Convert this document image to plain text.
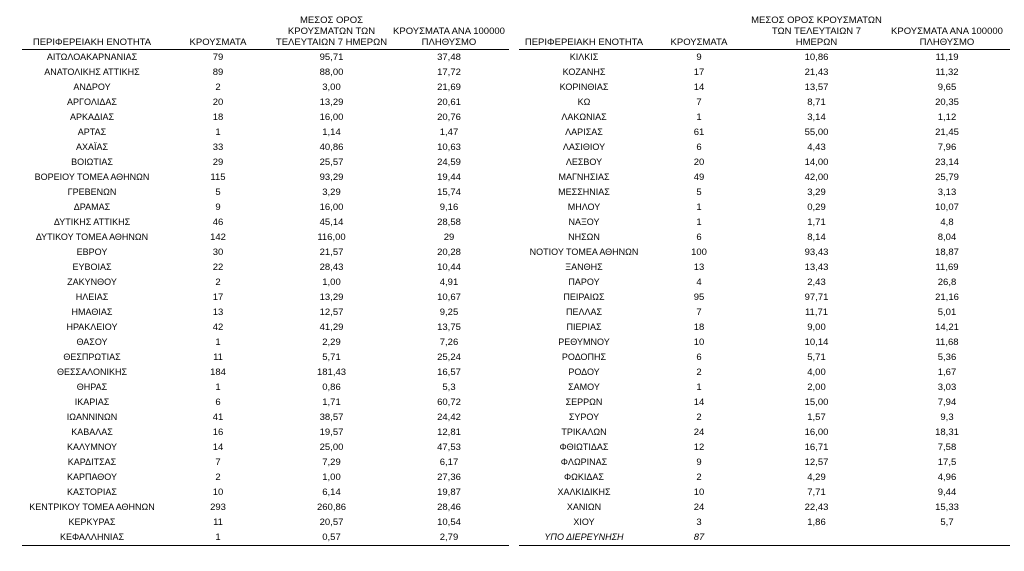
ΠΕΡΙΦΕΡΕΙΑΚΗ ΕΝΟΤΗΤΑ	ΚΡΟΥΣΜΑΤΑ	ΜΕΣΟΣ ΟΡΟΣ ΚΡΟΥΣΜΑΤΩΝ ΤΩΝ ΤΕΛΕΥΤΑΙΩΝ 7 ΗΜΕΡΩΝ	ΚΡΟΥΣΜΑΤΑ ΑΝΑ 100000 ΠΛΗΘΥΣΜΟ
ΑΙΤΩΛΟΑΚΑΡΝΑΝΙΑΣ	79	95,71	37,48
ΑΝΑΤΟΛΙΚΗΣ ΑΤΤΙΚΗΣ	89	88,00	17,72
ΑΝΔΡΟΥ	2	3,00	21,69
ΑΡΓΟΛΙΔΑΣ	20	13,29	20,61
ΑΡΚΑΔΙΑΣ	18	16,00	20,76
ΑΡΤΑΣ	1	1,14	1,47
ΑΧΑΪΑΣ	33	40,86	10,63
ΒΟΙΩΤΙΑΣ	29	25,57	24,59
ΒΟΡΕΙΟΥ ΤΟΜΕΑ ΑΘΗΝΩΝ	115	93,29	19,44
ΓΡΕΒΕΝΩΝ	5	3,29	15,74
ΔΡΑΜΑΣ	9	16,00	9,16
ΔΥΤΙΚΗΣ ΑΤΤΙΚΗΣ	46	45,14	28,58
ΔΥΤΙΚΟΥ ΤΟΜΕΑ ΑΘΗΝΩΝ	142	116,00	29
ΕΒΡΟΥ	30	21,57	20,28
ΕΥΒΟΙΑΣ	22	28,43	10,44
ΖΑΚΥΝΘΟΥ	2	1,00	4,91
ΗΛΕΙΑΣ	17	13,29	10,67
ΗΜΑΘΙΑΣ	13	12,57	9,25
ΗΡΑΚΛΕΙΟΥ	42	41,29	13,75
ΘΑΣΟΥ	1	2,29	7,26
ΘΕΣΠΡΩΤΙΑΣ	11	5,71	25,24
ΘΕΣΣΑΛΟΝΙΚΗΣ	184	181,43	16,57
ΘΗΡΑΣ	1	0,86	5,3
ΙΚΑΡΙΑΣ	6	1,71	60,72
ΙΩΑΝΝΙΝΩΝ	41	38,57	24,42
ΚΑΒΑΛΑΣ	16	19,57	12,81
ΚΑΛΥΜΝΟΥ	14	25,00	47,53
ΚΑΡΔΙΤΣΑΣ	7	7,29	6,17
ΚΑΡΠΑΘΟΥ	2	1,00	27,36
ΚΑΣΤΟΡΙΑΣ	10	6,14	19,87
ΚΕΝΤΡΙΚΟΥ ΤΟΜΕΑ ΑΘΗΝΩΝ	293	260,86	28,46
ΚΕΡΚΥΡΑΣ	11	20,57	10,54
ΚΕΦΑΛΛΗΝΙΑΣ	1	0,57	2,79
ΠΕΡΙΦΕΡΕΙΑΚΗ ΕΝΟΤΗΤΑ	ΚΡΟΥΣΜΑΤΑ	ΜΕΣΟΣ ΟΡΟΣ ΚΡΟΥΣΜΑΤΩΝ ΤΩΝ ΤΕΛΕΥΤΑΙΩΝ 7 ΗΜΕΡΩΝ	ΚΡΟΥΣΜΑΤΑ ΑΝΑ 100000 ΠΛΗΘΥΣΜΟ
ΚΙΛΚΙΣ	9	10,86	11,19
ΚΟΖΑΝΗΣ	17	21,43	11,32
ΚΟΡΙΝΘΙΑΣ	14	13,57	9,65
ΚΩ	7	8,71	20,35
ΛΑΚΩΝΙΑΣ	1	3,14	1,12
ΛΑΡΙΣΑΣ	61	55,00	21,45
ΛΑΣΙΘΙΟΥ	6	4,43	7,96
ΛΕΣΒΟΥ	20	14,00	23,14
ΜΑΓΝΗΣΙΑΣ	49	42,00	25,79
ΜΕΣΣΗΝΙΑΣ	5	3,29	3,13
ΜΗΛΟΥ	1	0,29	10,07
ΝΑΞΟΥ	1	1,71	4,8
ΝΗΣΩΝ	6	8,14	8,04
ΝΟΤΙΟΥ ΤΟΜΕΑ ΑΘΗΝΩΝ	100	93,43	18,87
ΞΑΝΘΗΣ	13	13,43	11,69
ΠΑΡΟΥ	4	2,43	26,8
ΠΕΙΡΑΙΩΣ	95	97,71	21,16
ΠΕΛΛΑΣ	7	11,71	5,01
ΠΙΕΡΙΑΣ	18	9,00	14,21
ΡΕΘΥΜΝΟΥ	10	10,14	11,68
ΡΟΔΟΠΗΣ	6	5,71	5,36
ΡΟΔΟΥ	2	4,00	1,67
ΣΑΜΟΥ	1	2,00	3,03
ΣΕΡΡΩΝ	14	15,00	7,94
ΣΥΡΟΥ	2	1,57	9,3
ΤΡΙΚΑΛΩΝ	24	16,00	18,31
ΦΘΙΩΤΙΔΑΣ	12	16,71	7,58
ΦΛΩΡΙΝΑΣ	9	12,57	17,5
ΦΩΚΙΔΑΣ	2	4,29	4,96
ΧΑΛΚΙΔΙΚΗΣ	10	7,71	9,44
ΧΑΝΙΩΝ	24	22,43	15,33
ΧΙΟΥ	3	1,86	5,7
ΥΠΟ ΔΙΕΡΕΥΝΗΣΗ	87		
